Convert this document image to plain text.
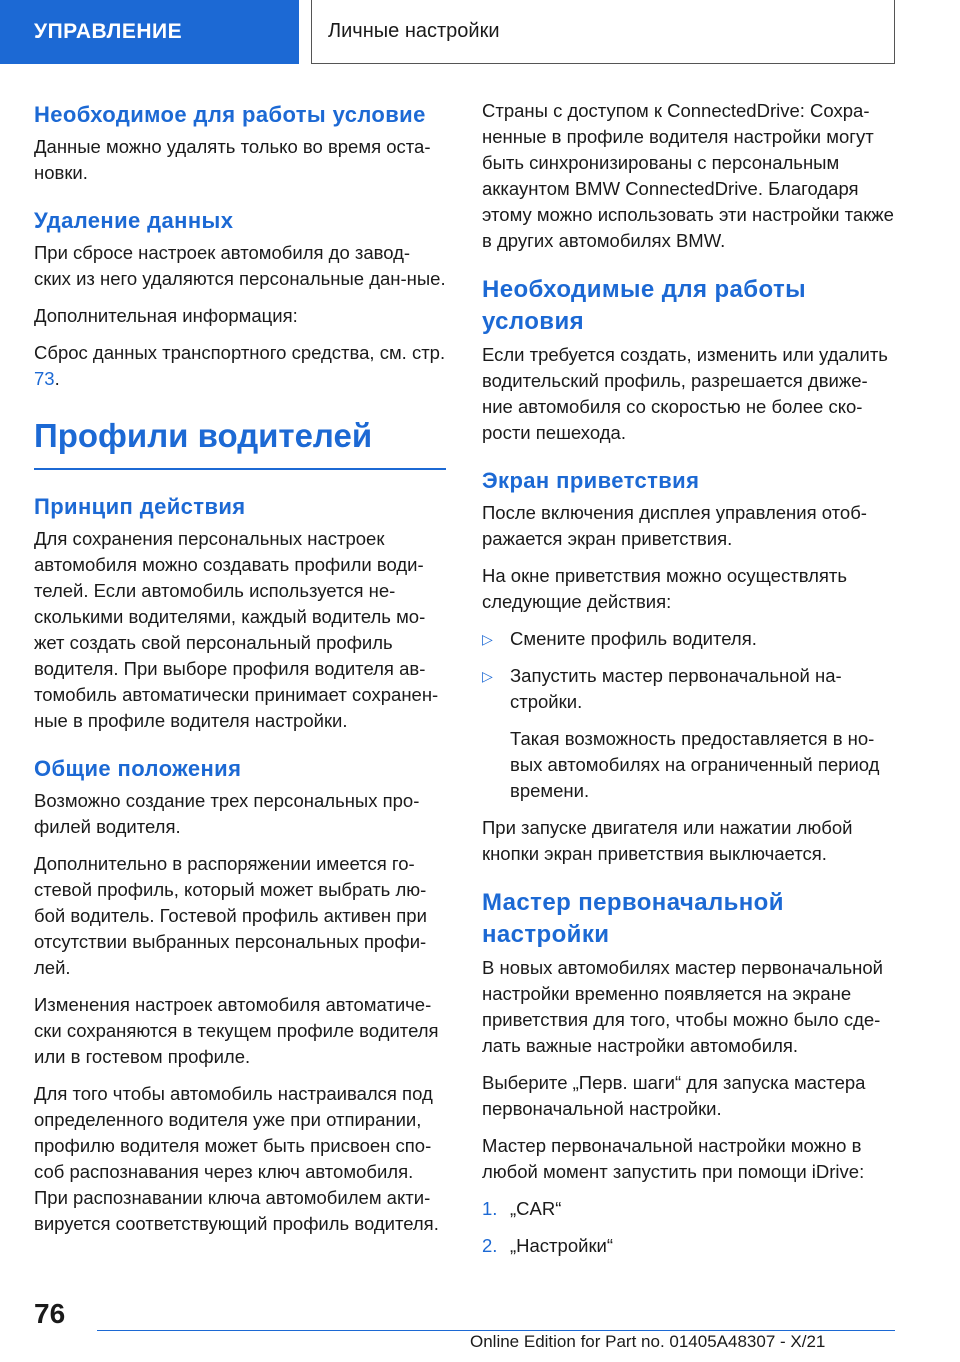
УПРАВЛЕНИЕ	Личные настройки
Необходимое для работы условие

Данные можно удалять только во время оста-новки.

Удаление данных

При сбросе настроек автомобиля до завод-ских из него удаляются персональные дан-ные.

Дополнительная информация:

Сброс данных транспортного средства, см. стр. 73.

Профили водителей
Принцип действия

Для сохранения персональных настроек автомобиля можно создавать профили води-телей. Если автомобиль используется не-сколькими водителями, каждый водитель мо-жет создать свой персональный профиль водителя. При выборе профиля водителя ав-томобиль автоматически принимает сохранен-ные в профиле водителя настройки.

Общие положения

Возможно создание трех персональных про-филей водителя.

Дополнительно в распоряжении имеется го-стевой профиль, который может выбрать лю-бой водитель. Гостевой профиль активен при отсутствии выбранных персональных профи-лей.

Изменения настроек автомобиля автоматиче-ски сохраняются в текущем профиле водителя или в гостевом профиле.

Для того чтобы автомобиль настраивался под определенного водителя уже при отпирании, профилю водителя может быть присвоен спо-соб распознавания через ключ автомобиля. При распознавании ключа автомобилем акти-вируется соответствующий профиль водителя.

Страны с доступом к ConnectedDrive: Сохра-ненные в профиле водителя настройки могут быть синхронизированы с персональным аккаунтом BMW ConnectedDrive. Благодаря этому можно использовать эти настройки также в других автомобилях BMW.

Необходимые для работы условия

Если требуется создать, изменить или удалить водительский профиль, разрешается движе-ние автомобиля со скоростью не более ско-рости пешехода.

Экран приветствия

После включения дисплея управления отоб-ражается экран приветствия.

На окне приветствия можно осуществлять следующие действия:

▷ Смените профиль водителя.

▷ Запустить мастер первоначальной на-стройки.

Такая возможность предоставляется в но-вых автомобилях на ограниченный период времени.

При запуске двигателя или нажатии любой кнопки экран приветствия выключается.

Мастер первоначальной настройки

В новых автомобилях мастер первоначальной настройки временно появляется на экране приветствия для того, чтобы можно было сде-лать важные настройки автомобиля.

Выберите „Перв. шаги“ для запуска мастера первоначальной настройки.

Мастер первоначальной настройки можно в любой момент запустить при помощи iDrive:

1. „CAR“

2. „Настройки“

76
Online Edition for Part no. 01405A48307 - X/21
